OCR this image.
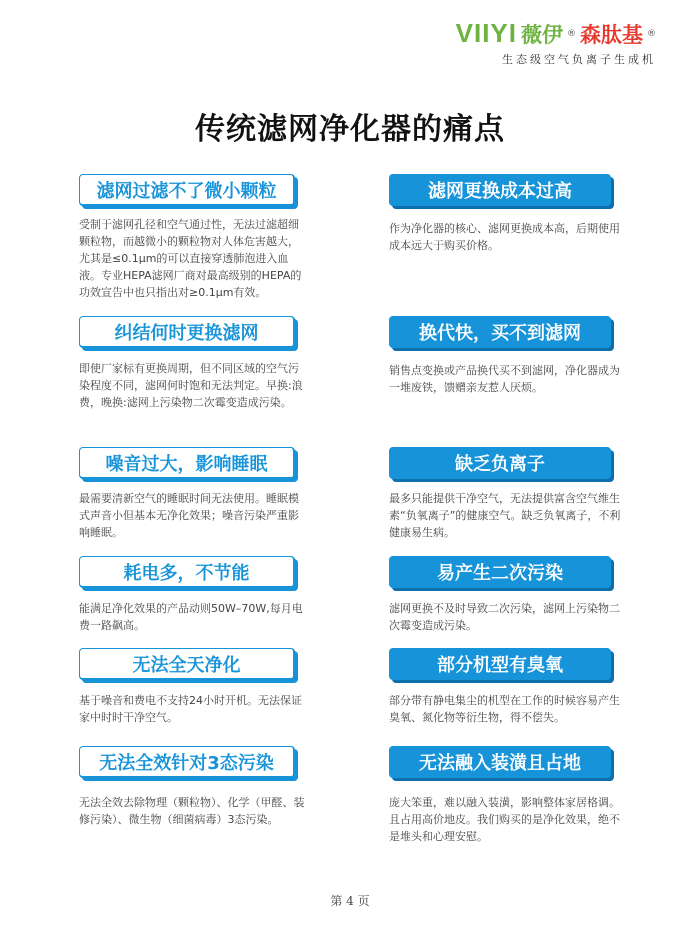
VIIYI 薇伊 ® 森肽基 ®
生态级空气负离子生成机
传统滤网净化器的痛点
滤网过滤不了微小颗粒
受制于滤网孔径和空气通过性，无法过滤超细颗粒物，而越微小的颗粒物对人体危害越大，尤其是≤0.1μm的可以直接穿透肺泡进入血液。专业HEPA滤网厂商对最高级别的HEPA的功效宣告中也只指出对≥0.1μm有效。
纠结何时更换滤网
即使厂家标有更换周期，但不同区域的空气污染程度不同，滤网何时饱和无法判定。早换:浪费，晚换:滤网上污染物二次霉变造成污染。
噪音过大，影响睡眠
最需要清新空气的睡眠时间无法使用。睡眠模式声音小但基本无净化效果；噪音污染严重影响睡眠。
耗电多，不节能
能满足净化效果的产品动则50W–70W,每月电费一路飙高。
无法全天净化
基于噪音和费电不支持24小时开机。无法保证家中时时干净空气。
无法全效针对3态污染
无法全效去除物理（颗粒物）、化学（甲醛、装修污染）、微生物（细菌病毒）3态污染。
滤网更换成本过高
作为净化器的核心、滤网更换成本高，后期使用成本远大于购买价格。
换代快，买不到滤网
销售点变换或产品换代买不到滤网，净化器成为一堆废铁，馈赠亲友惹人厌烦。
缺乏负离子
最多只能提供干净空气，无法提供富含空气维生素“负氧离子”的健康空气。缺乏负氧离子，不利健康易生病。
易产生二次污染
滤网更换不及时导致二次污染，滤网上污染物二次霉变造成污染。
部分机型有臭氧
部分带有静电集尘的机型在工作的时候容易产生臭氧、氮化物等衍生物，得不偿失。
无法融入装潢且占地
庞大笨重，难以融入装潢，影响整体家居格调。且占用高价地皮。我们购买的是净化效果，绝不是堆头和心理安慰。
第 4 页
